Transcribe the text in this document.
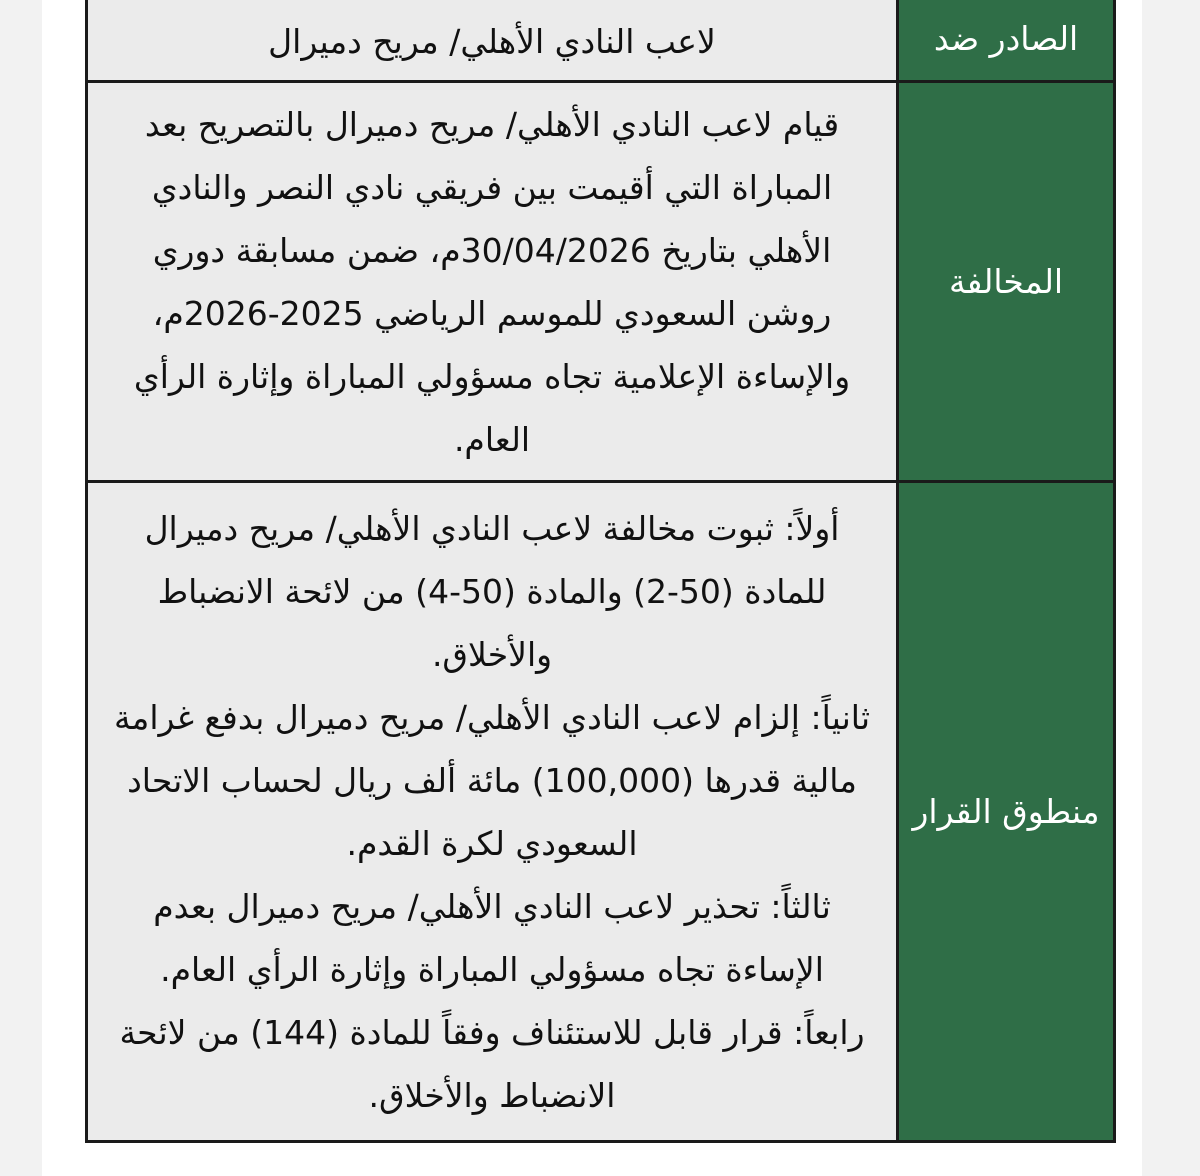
الصادر ضد	لاعب النادي الأهلي/ مريح دميرال
المخالفة	قيام لاعب النادي الأهلي/ مريح دميرال بالتصريح بعد المباراة التي أقيمت بين فريقي نادي النصر والنادي الأهلي بتاريخ 30/04/2026م، ضمن مسابقة دوري روشن السعودي للموسم الرياضي 2025-2026م، والإساءة الإعلامية تجاه مسؤولي المباراة وإثارة الرأي العام.

منطوق القرار	أولاً: ثبوت مخالفة لاعب النادي الأهلي/ مريح دميرال للمادة (50-2) والمادة (50-4) من لائحة الانضباط والأخلاق.
ثانياً: إلزام لاعب النادي الأهلي/ مريح دميرال بدفع غرامة مالية قدرها (100,000) مائة ألف ريال لحساب الاتحاد السعودي لكرة القدم.
ثالثاً: تحذير لاعب النادي الأهلي/ مريح دميرال بعدم الإساءة تجاه مسؤولي المباراة وإثارة الرأي العام.
رابعاً: قرار قابل للاستئناف وفقاً للمادة (144) من لائحة الانضباط والأخلاق.
